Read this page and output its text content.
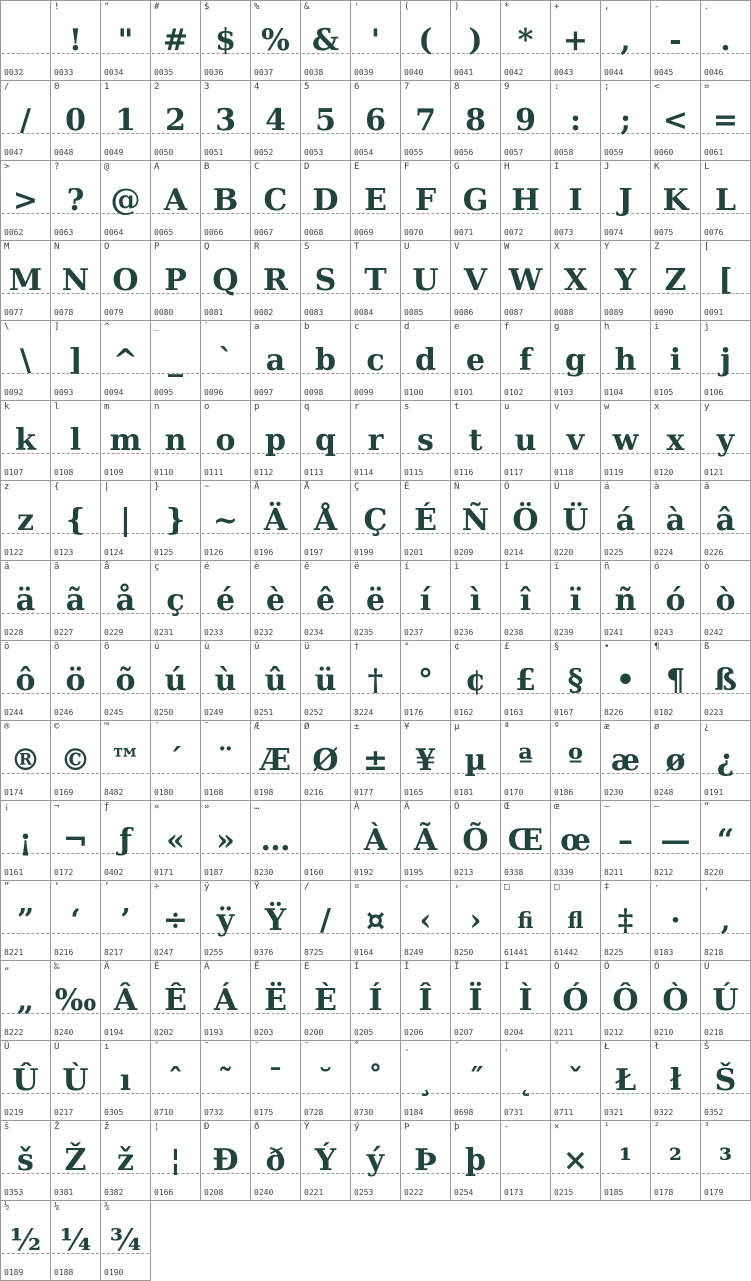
0032
!
!
0033
"
"
0034
#
#
0035
$
$
0036
%
%
0037
&
&
0038
'
'
0039
(
(
0040
)
)
0041
*
*
0042
+
+
0043
,
,
0044
-
-
0045
.
.
0046
/
/
0047
0
0
0048
1
1
0049
2
2
0050
3
3
0051
4
4
0052
5
5
0053
6
6
0054
7
7
0055
8
8
0056
9
9
0057
:
:
0058
;
;
0059
<
<
0060
=
=
0061
>
>
0062
?
?
0063
@
@
0064
A
A
0065
B
B
0066
C
C
0067
D
D
0068
E
E
0069
F
F
0070
G
G
0071
H
H
0072
I
I
0073
J
J
0074
K
K
0075
L
L
0076
M
M
0077
N
N
0078
O
O
0079
P
P
0080
Q
Q
0081
R
R
0082
S
S
0083
T
T
0084
U
U
0085
V
V
0086
W
W
0087
X
X
0088
Y
Y
0089
Z
Z
0090
[
[
0091
\
\
0092
]
]
0093
^
^
0094
_
_
0095
`
`
0096
a
a
0097
b
b
0098
c
c
0099
d
d
0100
e
e
0101
f
f
0102
g
g
0103
h
h
0104
i
i
0105
j
j
0106
k
k
0107
l
l
0108
m
m
0109
n
n
0110
o
o
0111
p
p
0112
q
q
0113
r
r
0114
s
s
0115
t
t
0116
u
u
0117
v
v
0118
w
w
0119
x
x
0120
y
y
0121
z
z
0122
{
{
0123
|
|
0124
}
}
0125
~
~
0126
Ä
Ä
0196
Å
Å
0197
Ç
Ç
0199
É
É
0201
Ñ
Ñ
0209
Ö
Ö
0214
Ü
Ü
0220
á
á
0225
à
à
0224
â
â
0226
ä
ä
0228
ã
ã
0227
å
å
0229
ç
ç
0231
é
é
0233
è
è
0232
ê
ê
0234
ë
ë
0235
í
í
0237
ì
ì
0236
î
î
0238
ï
ï
0239
ñ
ñ
0241
ó
ó
0243
ò
ò
0242
ô
ô
0244
ö
ö
0246
õ
õ
0245
ú
ú
0250
ù
ù
0249
û
û
0251
ü
ü
0252
†
†
8224
°
°
0176
¢
¢
0162
£
£
0163
§
§
0167
•
•
8226
¶
¶
0182
ß
ß
0223
®
®
0174
©
©
0169
™
™
8482
´
´
0180
¨
¨
0168
Æ
Æ
0198
Ø
Ø
0216
±
±
0177
¥
¥
0165
µ
µ
0181
ª
ª
0170
º
º
0186
æ
æ
0230
ø
ø
0248
¿
¿
0191
¡
¡
0161
¬
¬
0172
ƒ
ƒ
0402
«
«
0171
»
»
0187
…
…
8230	0160
À
À
0192
Ã
Ã
0195
Õ
Õ
0213
Œ
Œ
0338
œ
œ
0339
–
–
8211
—
—
8212
“
“
8220
”
”
8221
‘
‘
8216
’
’
8217
÷
÷
0247
ÿ
ÿ
0255
Ÿ
Ÿ
0376
/
∕
8725
¤
¤
0164
‹
‹
8249
›
›
8250
□
fi
61441
□
fl
61442
‡
‡
8225
·
·
0183
‚
‚
8218
„
„
8222
‰
‰
8240
Â
Â
0194
Ê
Ê
0202
Á
Á
0193
Ë
Ë
0203
È
È
0200
Í
Í
0205
Î
Î
0206
Ï
Ï
0207
Ì
Ì
0204
Ó
Ó
0211
Ô
Ô
0212
Ò
Ò
0210
Ú
Ú
0218
Û
Û
0219
Ù
Ù
0217
ı
ı
0305
ˆ
ˆ
0710
˜
˜
0732
¯
¯
0175
˘
˘
0728
˚
˚
0730
¸
¸
0184
˝
˝
0698
˛
˛
0731
ˇ
ˇ
0711
Ł
Ł
0321
ł
ł
0322
Š
Š
0352
š
š
0353
Ž
Ž
0381
ž
ž
0382
¦
¦
0166
Ð
Ð
0208
ð
ð
0240
Ý
Ý
0221
ý
ý
0253
Þ
Þ
0222
þ
þ
0254
-
0173
×
×
0215
¹
¹
0185
²
²
0178
³
³
0179
½
½
0189
¼
¼
0188
¾
¾
0190
